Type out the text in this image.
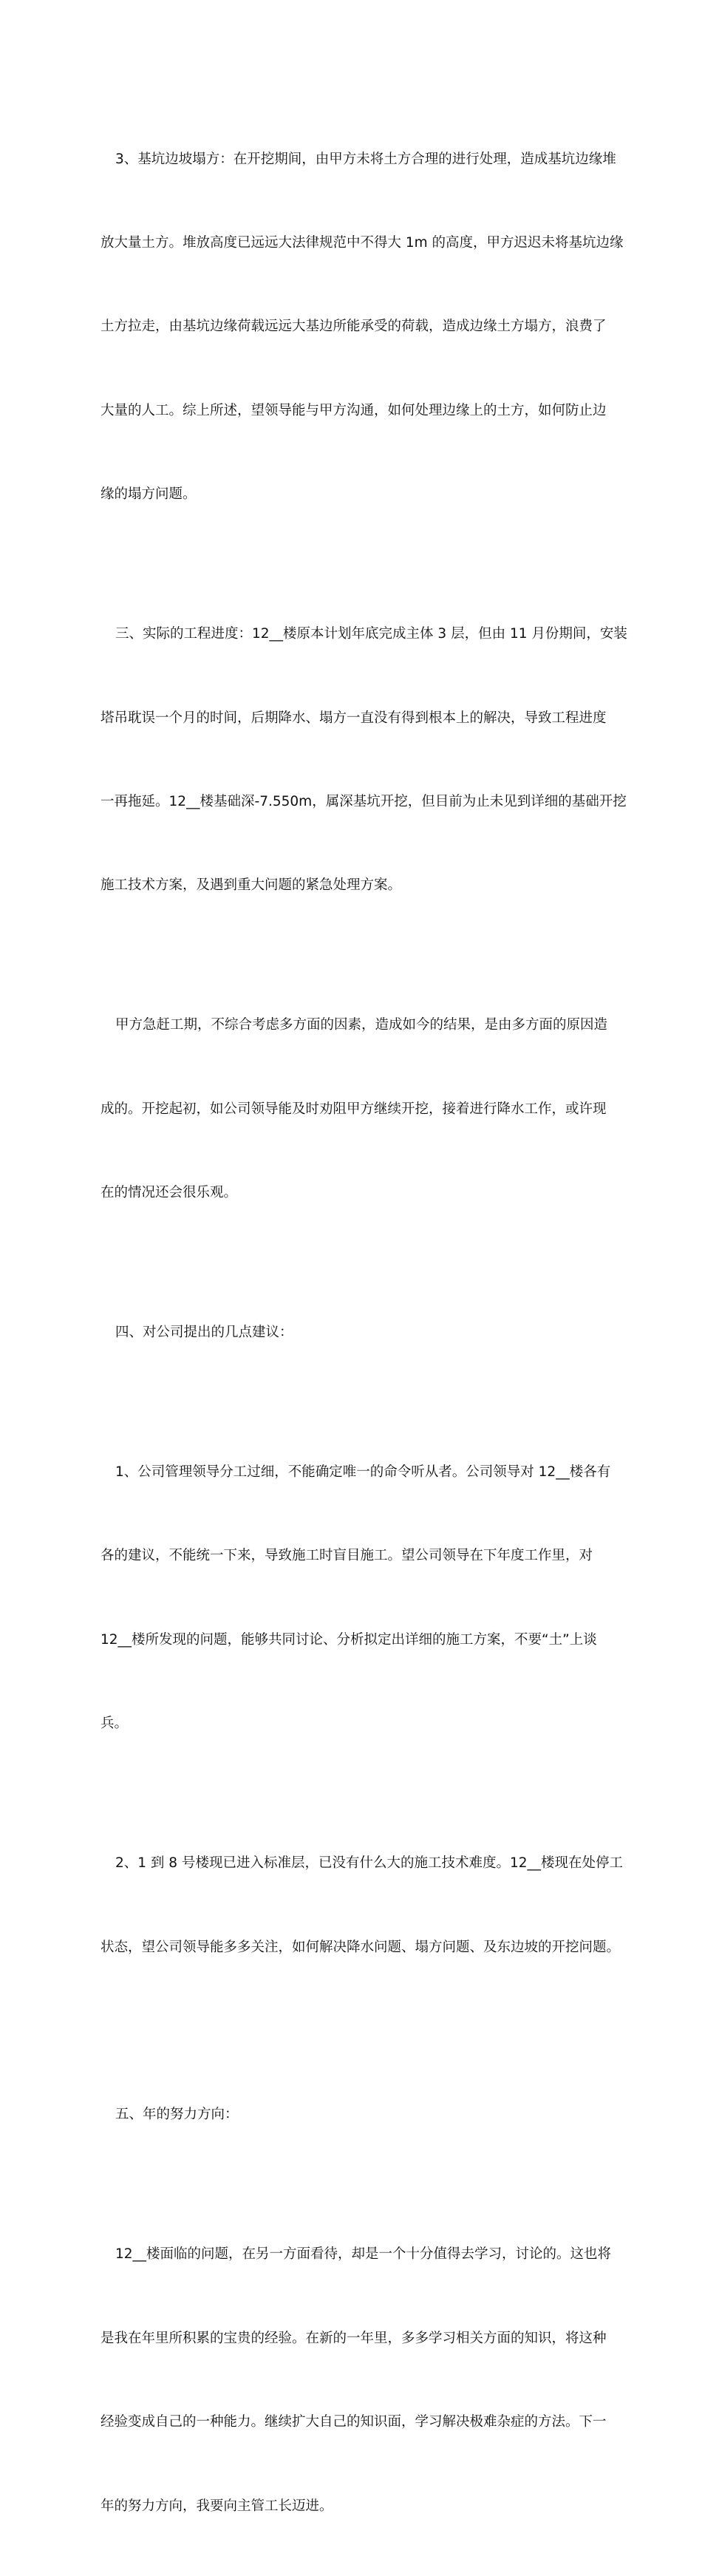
3、基坑边坡塌方：在开挖期间，由甲方未将土方合理的进行处理，造成基坑边缘堆

放大量土方。堆放高度已远远大法律规范中不得大 1m 的高度，甲方迟迟未将基坑边缘

土方拉走，由基坑边缘荷载远远大基边所能承受的荷载，造成边缘土方塌方，浪费了

大量的人工。综上所述，望领导能与甲方沟通，如何处理边缘上的土方，如何防止边

缘的塌方问题。

三、实际的工程进度：12__楼原本计划年底完成主体 3 层，但由 11 月份期间，安装

塔吊耽误一个月的时间，后期降水、塌方一直没有得到根本上的解决，导致工程进度

一再拖延。12__楼基础深-7.550m，属深基坑开挖，但目前为止未见到详细的基础开挖

施工技术方案，及遇到重大问题的紧急处理方案。

甲方急赶工期，不综合考虑多方面的因素，造成如今的结果，是由多方面的原因造

成的。开挖起初，如公司领导能及时劝阻甲方继续开挖，接着进行降水工作，或许现

在的情况还会很乐观。

四、对公司提出的几点建议：

1、公司管理领导分工过细，不能确定唯一的命令听从者。公司领导对 12__楼各有

各的建议，不能统一下来，导致施工时盲目施工。望公司领导在下年度工作里，对

12__楼所发现的问题，能够共同讨论、分析拟定出详细的施工方案，不要“土”上谈

兵。

2、1 到 8 号楼现已进入标准层，已没有什么大的施工技术难度。12__楼现在处停工

状态，望公司领导能多多关注，如何解决降水问题、塌方问题、及东边坡的开挖问题。

五、年的努力方向：

12__楼面临的问题，在另一方面看待，却是一个十分值得去学习，讨论的。这也将

是我在年里所积累的宝贵的经验。在新的一年里，多多学习相关方面的知识，将这种

经验变成自己的一种能力。继续扩大自己的知识面，学习解决极难杂症的方法。下一

年的努力方向，我要向主管工长迈进。
